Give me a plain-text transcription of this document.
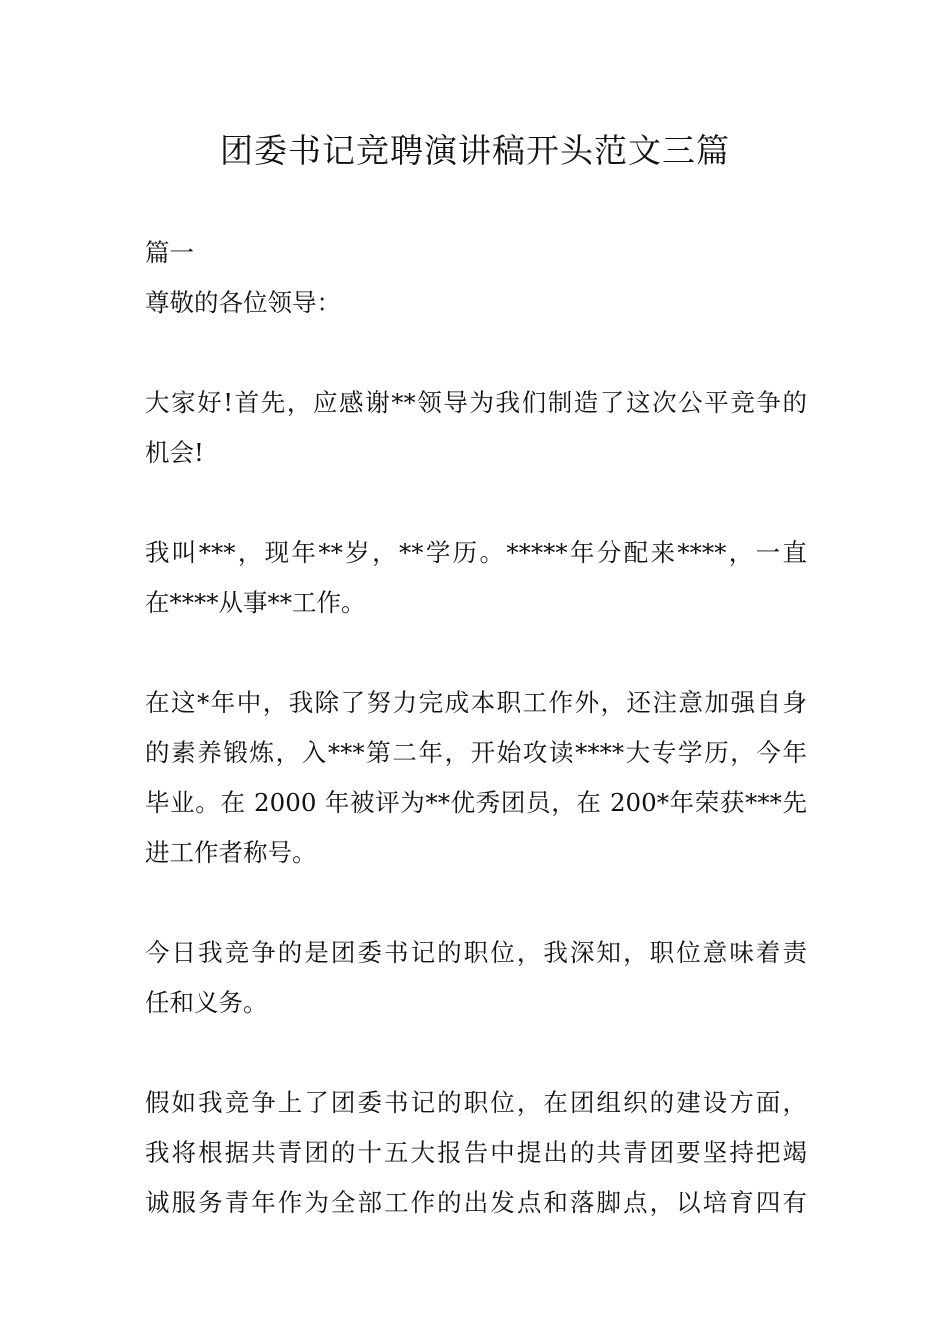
团委书记竞聘演讲稿开头范文三篇
篇一
尊敬的各位领导：
大家好!首先，应感谢**领导为我们制造了这次公平竞争的
机会!
我叫***，现年**岁，**学历。*****年分配来****，一直
在****从事**工作。
在这*年中，我除了努力完成本职工作外，还注意加强自身
的素养锻炼，入***第二年，开始攻读****大专学历，今年
毕业。在 2000 年被评为**优秀团员，在 200*年荣获***先
进工作者称号。
今日我竞争的是团委书记的职位，我深知，职位意味着责
任和义务。
假如我竞争上了团委书记的职位，在团组织的建设方面，
我将根据共青团的十五大报告中提出的共青团要坚持把竭
诚服务青年作为全部工作的出发点和落脚点，以培育四有
